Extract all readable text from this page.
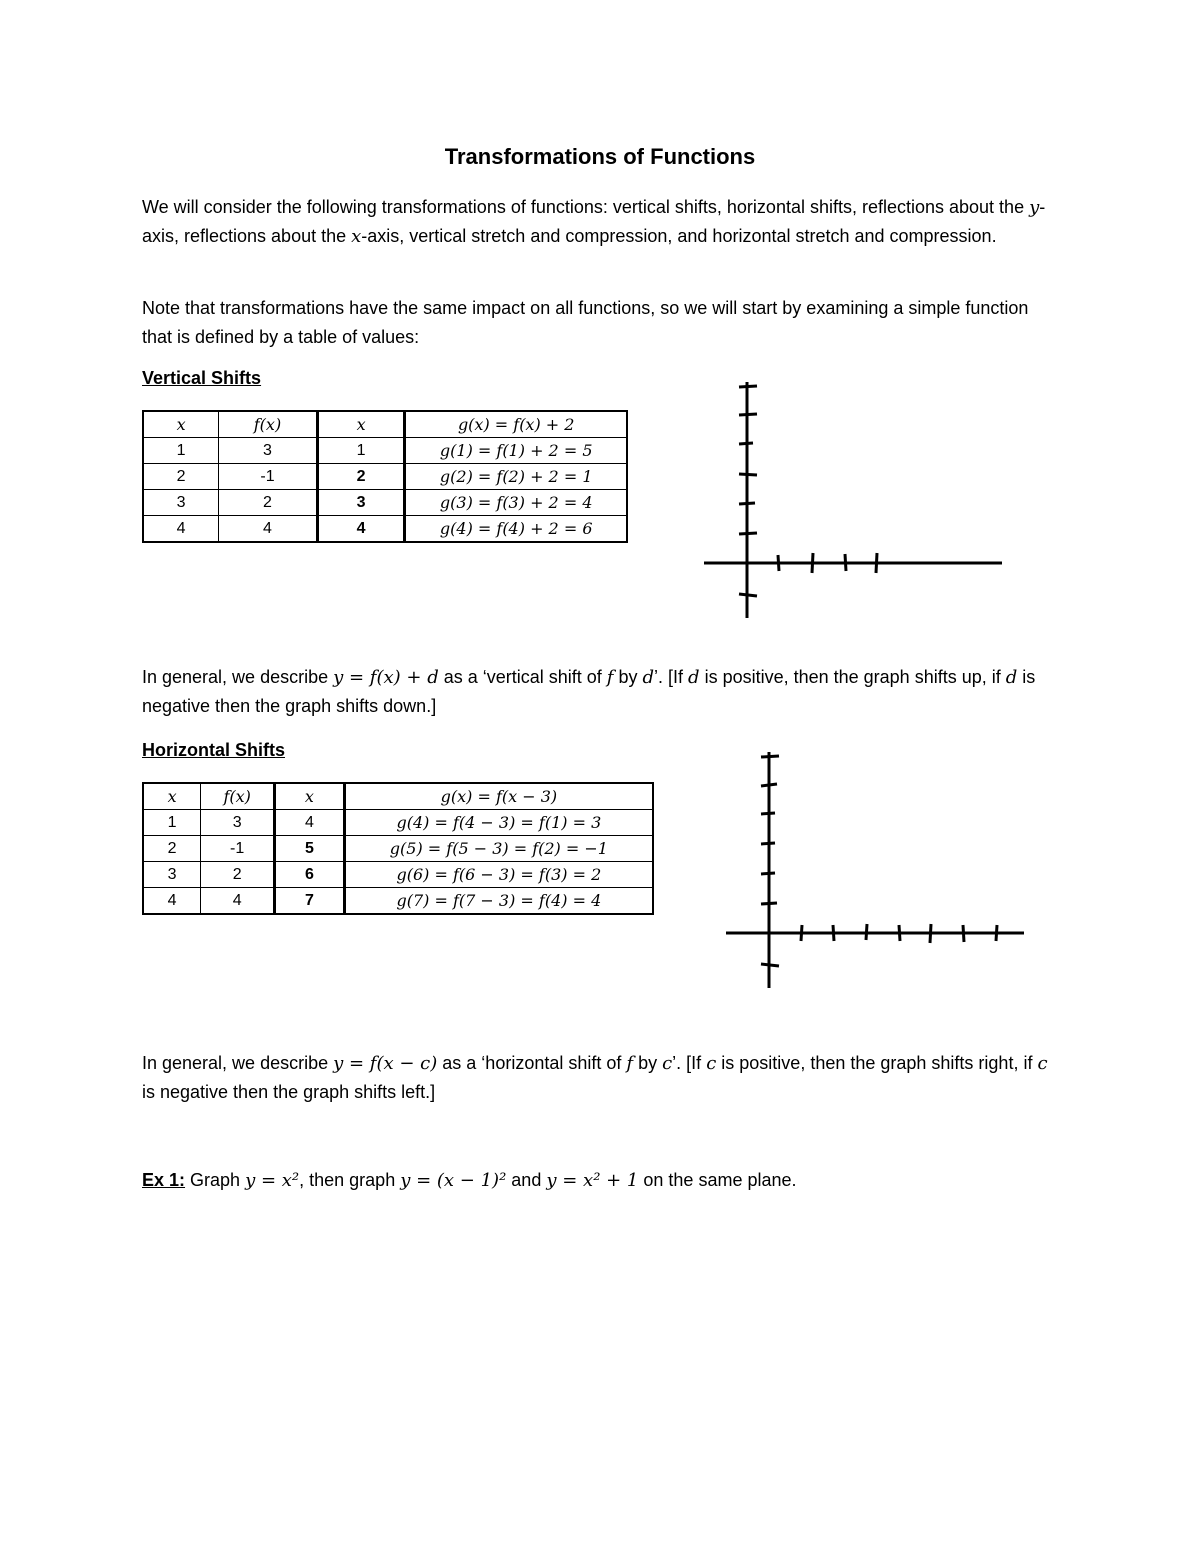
Transformations of Functions

We will consider the following transformations of functions: vertical shifts, horizontal shifts, reflections about the y-axis, reflections about the x-axis, vertical stretch and compression, and horizontal stretch and compression.

Note that transformations have the same impact on all functions, so we will start by examining a simple function that is defined by a table of values:

Vertical Shifts
x	f(x)	x	g(x) = f(x) + 2
1	3	1	g(1) = f(1) + 2 = 5
2	-1	2	g(2) = f(2) + 2 = 1
3	2	3	g(3) = f(3) + 2 = 4
4	4	4	g(4) = f(4) + 2 = 6

In general, we describe y = f(x) + d as a ‘vertical shift of f by d’. [If d is positive, then the graph shifts up, if d is negative then the graph shifts down.]

Horizontal Shifts
x	f(x)	x	g(x) = f(x − 3)
1	3	4	g(4) = f(4 − 3) = f(1) = 3
2	-1	5	g(5) = f(5 − 3) = f(2) = −1
3	2	6	g(6) = f(6 − 3) = f(3) = 2
4	4	7	g(7) = f(7 − 3) = f(4) = 4

In general, we describe y = f(x − c) as a ‘horizontal shift of f by c’. [If c is positive, then the graph shifts right, if c is negative then the graph shifts left.]

Ex 1: Graph y = x², then graph y = (x − 1)² and y = x² + 1 on the same plane.
